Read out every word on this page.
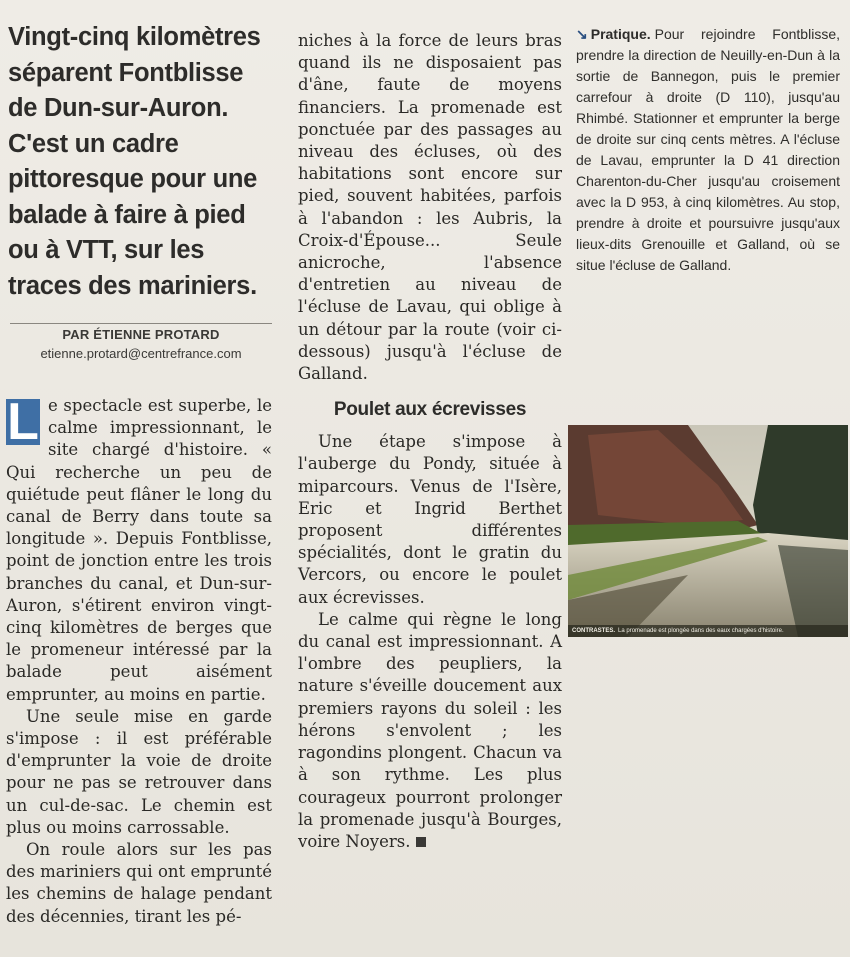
Vingt-cinq kilomètres séparent Fontblisse de Dun-sur-Auron. C'est un cadre pittoresque pour une balade à faire à pied ou à VTT, sur les traces des mariniers.
PAR ÉTIENNE PROTARD
etienne.protard@centrefrance.com
L e spectacle est superbe, le calme impressionnant, le site chargé d'histoire. « Qui recherche un peu de quiétude peut flâner le long du canal de Berry dans toute sa longitude ». Depuis Fontblisse, point de jonction entre les trois branches du canal, et Dun-sur-Auron, s'étirent environ vingt-cinq kilomètres de berges que le promeneur intéressé par la balade peut aisément emprunter, au moins en partie.

Une seule mise en garde s'impose : il est préférable d'emprunter la voie de droite pour ne pas se retrouver dans un cul-de-sac. Le chemin est plus ou moins carrossable.

On roule alors sur les pas des mariniers qui ont emprunté les chemins de halage pendant des décennies, tirant les pé-

niches à la force de leurs bras quand ils ne disposaient pas d'âne, faute de moyens financiers. La promenade est ponctuée par des passages au niveau des écluses, où des habitations sont encore sur pied, souvent habitées, parfois à l'abandon : les Aubris, la Croix-d'Épouse... Seule anicroche, l'absence d'entretien au niveau de l'écluse de Lavau, qui oblige à un détour par la route (voir ci-dessous) jusqu'à l'écluse de Galland.

Poulet aux écrevisses

Une étape s'impose à l'auberge du Pondy, située à miparcours. Venus de l'Isère, Eric et Ingrid Berthet proposent différentes spécialités, dont le gratin du Vercors, ou encore le poulet aux écrevisses.

Le calme qui règne le long du canal est impressionnant. A l'ombre des peupliers, la nature s'éveille doucement aux premiers rayons du soleil : les hérons s'envolent ; les ragondins plongent. Chacun va à son rythme. Les plus courageux pourront prolonger la promenade jusqu'à Bourges, voire Noyers.

↘ Pratique. Pour rejoindre Fontblisse, prendre la direction de Neuilly-en-Dun à la sortie de Bannegon, puis le premier carrefour à droite (D 110), jusqu'au Rhimbé. Stationner et emprunter la berge de droite sur cinq cents mètres. A l'écluse de Lavau, emprunter la D 41 direction Charenton-du-Cher jusqu'au croisement avec la D 953, à cinq kilomètres. Au stop, prendre à droite et poursuivre jusqu'aux lieux-dits Grenouille et Galland, où se situe l'écluse de Galland.
CONTRASTES. La promenade est plongée dans des eaux chargées d'histoire.
